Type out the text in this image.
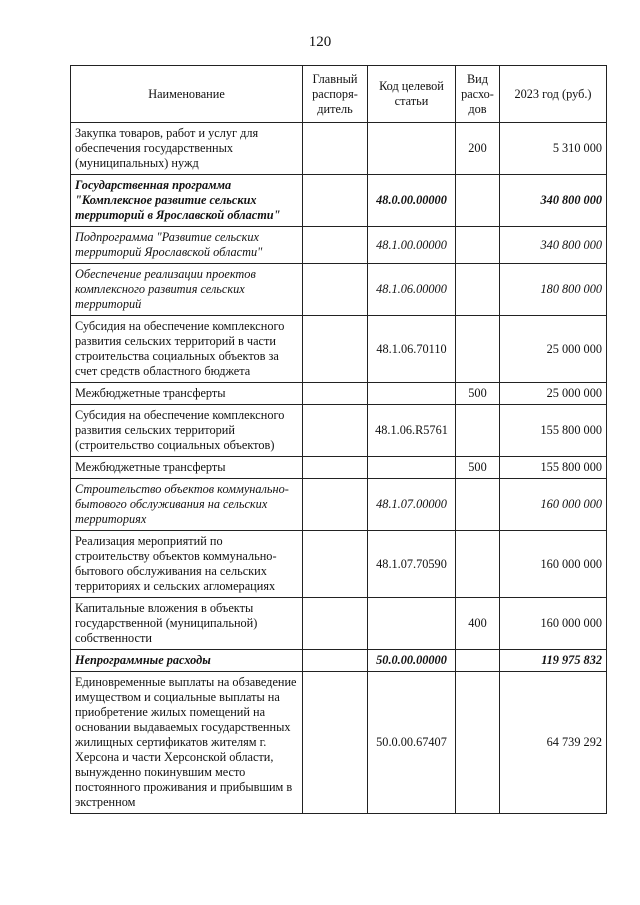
120
Наименование	Главный распоря-дитель	Код целевой статьи	Вид расхо-дов	2023 год (руб.)
Закупка товаров, работ и услуг для обеспечения государственных (муниципальных) нужд			200	5 310 000
Государственная программа "Комплексное развитие сельских территорий в Ярославской области"		48.0.00.00000		340 800 000
Подпрограмма "Развитие сельских территорий Ярославской области"		48.1.00.00000		340 800 000
Обеспечение реализации проектов комплексного развития сельских территорий		48.1.06.00000		180 800 000
Субсидия на обеспечение комплексного развития сельских территорий в части строительства социальных объектов за счет средств областного бюджета		48.1.06.70110		25 000 000
Межбюджетные трансферты			500	25 000 000
Субсидия на обеспечение комплексного развития сельских территорий (строительство социальных объектов)		48.1.06.R5761		155 800 000
Межбюджетные трансферты			500	155 800 000
Строительство объектов коммунально-бытового обслуживания на сельских территориях		48.1.07.00000		160 000 000
Реализация мероприятий по строительству объектов коммунально-бытового обслуживания на сельских территориях и сельских агломерациях		48.1.07.70590		160 000 000
Капитальные вложения в объекты государственной (муниципальной) собственности			400	160 000 000
Непрограммные расходы		50.0.00.00000		119 975 832
Единовременные выплаты на обзаведение имуществом и социальные выплаты на приобретение жилых помещений на основании выдаваемых государственных жилищных сертификатов жителям г. Херсона и части Херсонской области, вынужденно покинувшим место постоянного проживания и прибывшим в экстренном		50.0.00.67407		64 739 292
